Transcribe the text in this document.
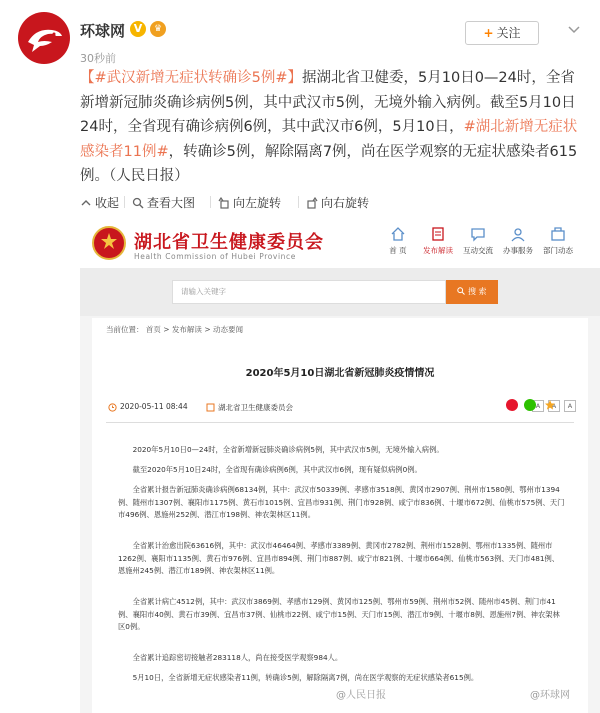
环球网 V	♛
30秒前
+ 关注
【#武汉新增无症状转确诊5例#】据湖北省卫健委，5月10日0—24时，全省新增新冠肺炎确诊病例5例，其中武汉市5例，无境外输入病例。截至5月10日24时，全省现有确诊病例6例，其中武汉市6例，5月10日，#湖北新增无症状感染者11例#，转确诊5例，解除隔离7例，尚在医学观察的无症状感染者615例。（人民日报）
收起 查看大图	向左旋转	向右旋转
湖北省卫生健康委员会
Health Commission of Hubei Province
首 页	发布解读	互动交流	办事服务	部门动态
请输入关键字	搜 索
当前位置： 首页 > 发布解读 > 动态要闻
2020年5月10日湖北省新冠肺炎疫情情况
2020-05-11 08:44	湖北省卫生健康委员会	A	A	A
2020年5月10日0—24时，全省新增新冠肺炎确诊病例5例，其中武汉市5例，无境外输入病例。
截至2020年5月10日24时，全省现有确诊病例6例，其中武汉市6例，现有疑似病例0例。
全省累计报告新冠肺炎确诊病例68134例，其中：武汉市50339例、孝感市3518例、黄冈市2907例、荆州市1580例、鄂州市1394例、随州市1307例、襄阳市1175例、黄石市1015例、宜昌市931例、荆门市928例、咸宁市836例、十堰市672例、仙桃市575例、天门市496例、恩施州252例、潜江市198例、神农架林区11例。
全省累计治愈出院63616例，其中：武汉市46464例、孝感市3389例、黄冈市2782例、荆州市1528例、鄂州市1335例、随州市1262例、襄阳市1135例、黄石市976例、宜昌市894例、荆门市887例、咸宁市821例、十堰市664例、仙桃市563例、天门市481例、恩施州245例、潜江市189例、神农架林区11例。
全省累计病亡4512例，其中：武汉市3869例、孝感市129例、黄冈市125例、鄂州市59例、荆州市52例、随州市45例、荆门市41例、襄阳市40例、黄石市39例、宜昌市37例、仙桃市22例、咸宁市15例、天门市15例、潜江市9例、十堰市8例、恩施州7例、神农架林区0例。
全省累计追踪密切接触者283118人，尚在接受医学观察984人。
5月10日，全省新增无症状感染者11例，转确诊5例，解除隔离7例，尚在医学观察的无症状感染者615例。
@人民日报	@环球网
